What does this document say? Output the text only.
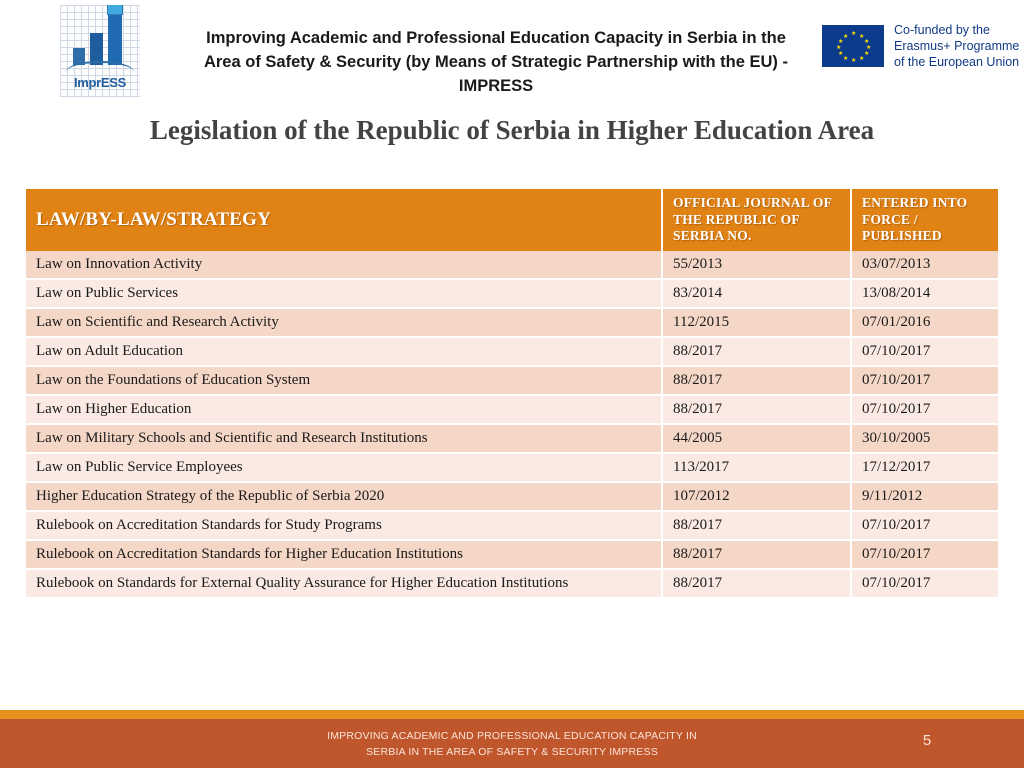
ImprESS
Improving Academic and Professional Education Capacity in Serbia in the Area of Safety & Security (by Means of Strategic Partnership with the EU) - IMPRESS
★ ★
★
★
★
★
★
★
★
★
★
★	Co-funded by the
Erasmus+ Programme
of the European Union
Legislation of the Republic of Serbia in Higher Education Area
LAW/BY-LAW/STRATEGY	OFFICIAL JOURNAL OF THE REPUBLIC OF SERBIA NO.	ENTERED INTO FORCE / PUBLISHED
Law on Innovation Activity	55/2013	03/07/2013
Law on Public Services	83/2014	13/08/2014
Law on Scientific and Research Activity	112/2015	07/01/2016
Law on Adult Education	88/2017	07/10/2017
Law on the Foundations of Education System	88/2017	07/10/2017
Law on Higher Education	88/2017	07/10/2017
Law on Military Schools and Scientific and Research Institutions	44/2005	30/10/2005
Law on Public Service Employees	113/2017	17/12/2017
Higher Education Strategy of the Republic of Serbia 2020	107/2012	9/11/2012
Rulebook on Accreditation Standards for Study Programs	88/2017	07/10/2017
Rulebook on Accreditation Standards for Higher Education Institutions	88/2017	07/10/2017
Rulebook on Standards for External Quality Assurance for Higher Education Institutions	88/2017	07/10/2017
IMPROVING ACADEMIC AND PROFESSIONAL EDUCATION CAPACITY IN
SERBIA IN THE AREA OF SAFETY & SECURITY IMPRESS
5
